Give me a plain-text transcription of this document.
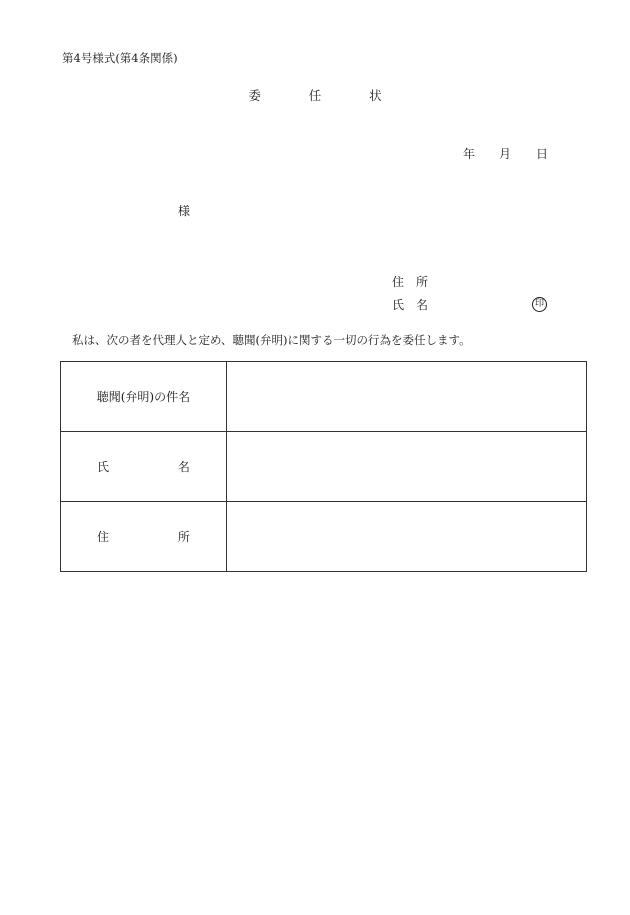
第4号様式(第4条関係)
委	任	状
年 月 日
様
住 所
氏 名	印
私は、次の者を代理人と定め、聴聞(弁明)に関する一切の行為を委任します。
聴聞(弁明)の件名	

氏 名	

住 所	
